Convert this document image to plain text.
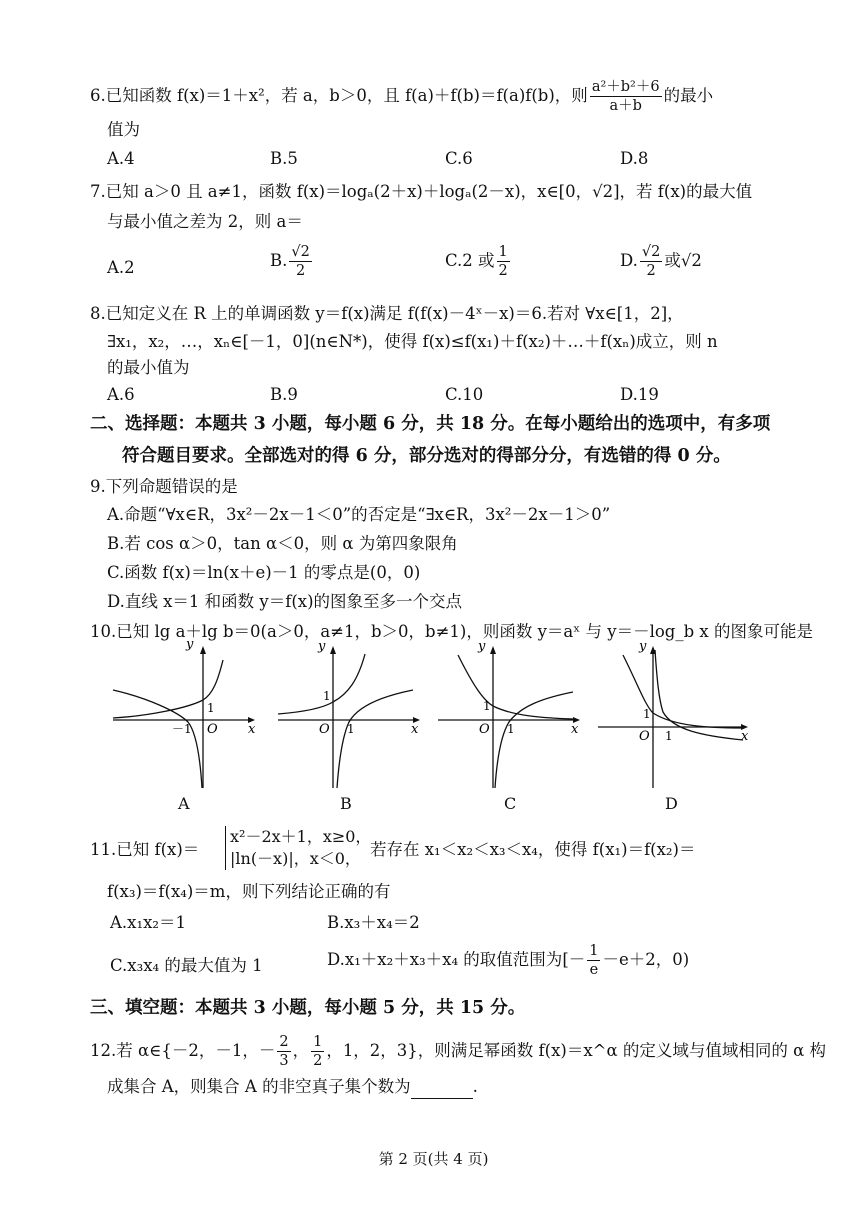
6.已知函数 f(x)＝1＋x²，若 a，b＞0，且 f(a)＋f(b)＝f(a)f(b)，则 $\frac{\text{a²＋b²＋6}}{a+b}$ 的最小
值为
A.4	B.5	C.6	D.8
7.已知 a＞0 且 a≠1，函数 f(x)＝logₐ(2＋x)＋logₐ(2－x)，x∈[0，√2]，若 f(x)的最大值
与最小值之差为 2，则 a＝
A.2	B. $\frac{√2}{2}$	C.2 或 $\frac{1}{2}$	D. $\frac{√2}{2}$ 或√2
8.已知定义在 R 上的单调函数 y＝f(x)满足 f(f(x)－4ˣ－x)＝6.若对 ∀x∈[1，2]，
∃x₁，x₂，…，xₙ∈[－1，0](n∈N*)，使得 f(x)≤f(x₁)＋f(x₂)＋…＋f(xₙ)成立，则 n
的最小值为
A.6	B.9	C.10	D.19
二、选择题：本题共 3 小题，每小题 6 分，共 18 分。在每小题给出的选项中，有多项
符合题目要求。全部选对的得 6 分，部分选对的得部分分，有选错的得 0 分。
9.下列命题错误的是
A.命题“∀x∈R，3x²－2x－1＜0”的否定是“∃x∈R，3x²－2x－1＞0”
B.若 cos α＞0，tan α＜0，则 α 为第四象限角
C.函数 f(x)＝ln(x＋e)－1 的零点是(0，0)
D.直线 x＝1 和函数 y＝f(x)的图象至多一个交点
10.已知 lg a＋lg b＝0(a＞0，a≠1，b＞0，b≠1)，则函数 y＝aˣ 与 y＝－log_b x 的图象可能是
y
x
O
1
－1
y
x
O
1
1
y
x
O
1
1
y
x
O
1
1
A	B	C	D
11.已知 f(x)＝
x²－2x＋1，x≥0，
|ln(－x)|，x＜0， 若存在 x₁＜x₂＜x₃＜x₄，使得 f(x₁)＝f(x₂)＝
f(x₃)＝f(x₄)＝m，则下列结论正确的有
A.x₁x₂＝1	B.x₃＋x₄＝2
C.x₃x₄ 的最大值为 1	D.x₁＋x₂＋x₃＋x₄ 的取值范围为[－ $\frac{1}{e} -e+2$，0)
三、填空题：本题共 3 小题，每小题 5 分，共 15 分。
12.若 α∈{－2，－1，－ $\frac{2}{3}$ ， $\frac{1}{2}$ ，1，2，3}，则满足幂函数 f(x)＝x^α 的定义域与值域相同的 α 构
成集合 A，则集合 A 的非空真子集个数为	.
第 2 页(共 4 页)
